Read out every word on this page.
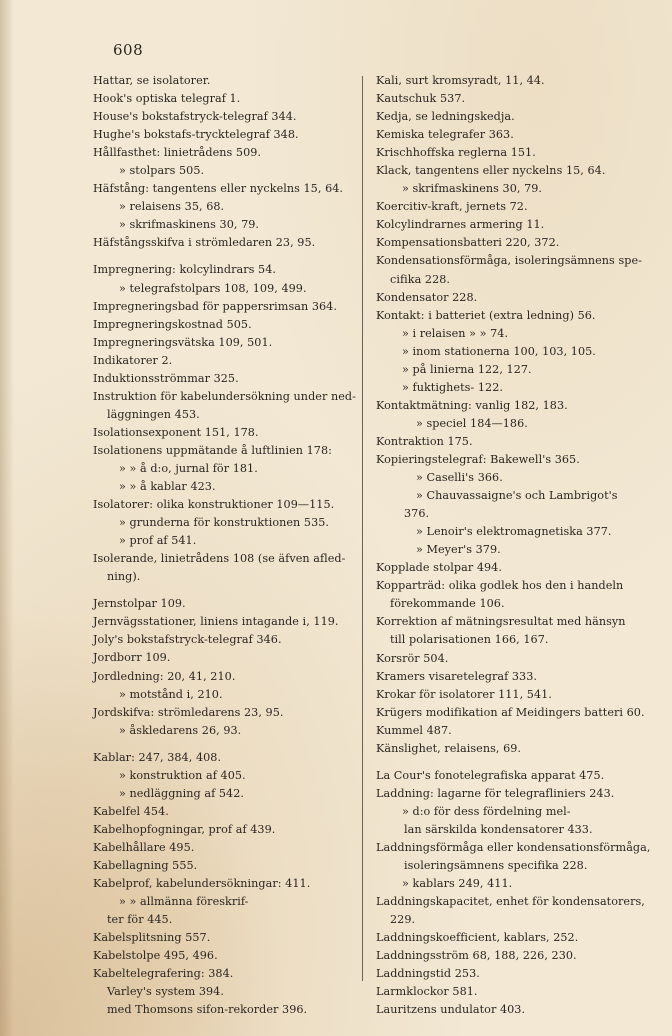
608
Hattar, se isolatorer.
Hook's optiska telegraf 1.
House's bokstafstryck-telegraf 344.
Hughe's bokstafs-trycktelegraf 348.
Hållfasthet: linietrådens 509.
» stolpars 505.
Häfstång: tangentens eller nyckelns 15, 64.
» relaisens 35, 68.
» skrifmaskinens 30, 79.
Häfstångsskifva i strömledaren 23, 95.
Impregnering: kolcylindrars 54.
» telegrafstolpars 108, 109, 499.
Impregneringsbad för pappersrimsan 364.
Impregneringskostnad 505.
Impregneringsvätska 109, 501.
Indikatorer 2.
Induktionsströmmar 325.
Instruktion för kabelundersökning under ned-
läggningen 453.
Isolationsexponent 151, 178.
Isolationens uppmätande å luftlinien 178:
» » å d:o, jurnal för 181.
» » å kablar 423.
Isolatorer: olika konstruktioner 109—115.
» grunderna för konstruktionen 535.
» prof af 541.
Isolerande, linietrådens 108 (se äfven afled-
ning).
Jernstolpar 109.
Jernvägsstationer, liniens intagande i, 119.
Joly's bokstafstryck-telegraf 346.
Jordborr 109.
Jordledning: 20, 41, 210.
» motstånd i, 210.
Jordskifva: strömledarens 23, 95.
» åskledarens 26, 93.
Kablar: 247, 384, 408.
» konstruktion af 405.
» nedläggning af 542.
Kabelfel 454.
Kabelhopfogningar, prof af 439.
Kabelhållare 495.
Kabellagning 555.
Kabelprof, kabelundersökningar: 411.
» » allmänna föreskrif-
ter för 445.
Kabelsplitsning 557.
Kabelstolpe 495, 496.
Kabeltelegrafering: 384.
Varley's system 394.
med Thomsons sifon-rekorder 396.
Kali, surt kromsyradt, 11, 44.
Kautschuk 537.
Kedja, se ledningskedja.
Kemiska telegrafer 363.
Krischhoffska reglerna 151.
Klack, tangentens eller nyckelns 15, 64.
» skrifmaskinens 30, 79.
Koercitiv-kraft, jernets 72.
Kolcylindrarnes armering 11.
Kompensationsbatteri 220, 372.
Kondensationsförmåga, isoleringsämnens spe-
cifika 228.
Kondensator 228.
Kontakt: i batteriet (extra ledning) 56.
» i relaisen » » 74.
» inom stationerna 100, 103, 105.
» på linierna 122, 127.
» fuktighets- 122.
Kontaktmätning: vanlig 182, 183.
» speciel 184—186.
Kontraktion 175.
Kopieringstelegraf: Bakewell's 365.
» Caselli's 366.
» Chauvassaigne's och Lambrigot's
376.
» Lenoir's elektromagnetiska 377.
» Meyer's 379.
Kopplade stolpar 494.
Kopparträd: olika godlek hos den i handeln
förekommande 106.
Korrektion af mätningsresultat med hänsyn
till polarisationen 166, 167.
Korsrör 504.
Kramers visaretelegraf 333.
Krokar för isolatorer 111, 541.
Krügers modifikation af Meidingers batteri 60.
Kummel 487.
Känslighet, relaisens, 69.
La Cour's fonotelegrafiska apparat 475.
Laddning: lagarne för telegrafliniers 243.
» d:o för dess fördelning mel-
lan särskilda kondensatorer 433.
Laddningsförmåga eller kondensationsförmåga,
isoleringsämnens specifika 228.
» kablars 249, 411.
Laddningskapacitet, enhet för kondensatorers,
229.
Laddningskoefficient, kablars, 252.
Laddningsström 68, 188, 226, 230.
Laddningstid 253.
Larmklockor 581.
Lauritzens undulator 403.
